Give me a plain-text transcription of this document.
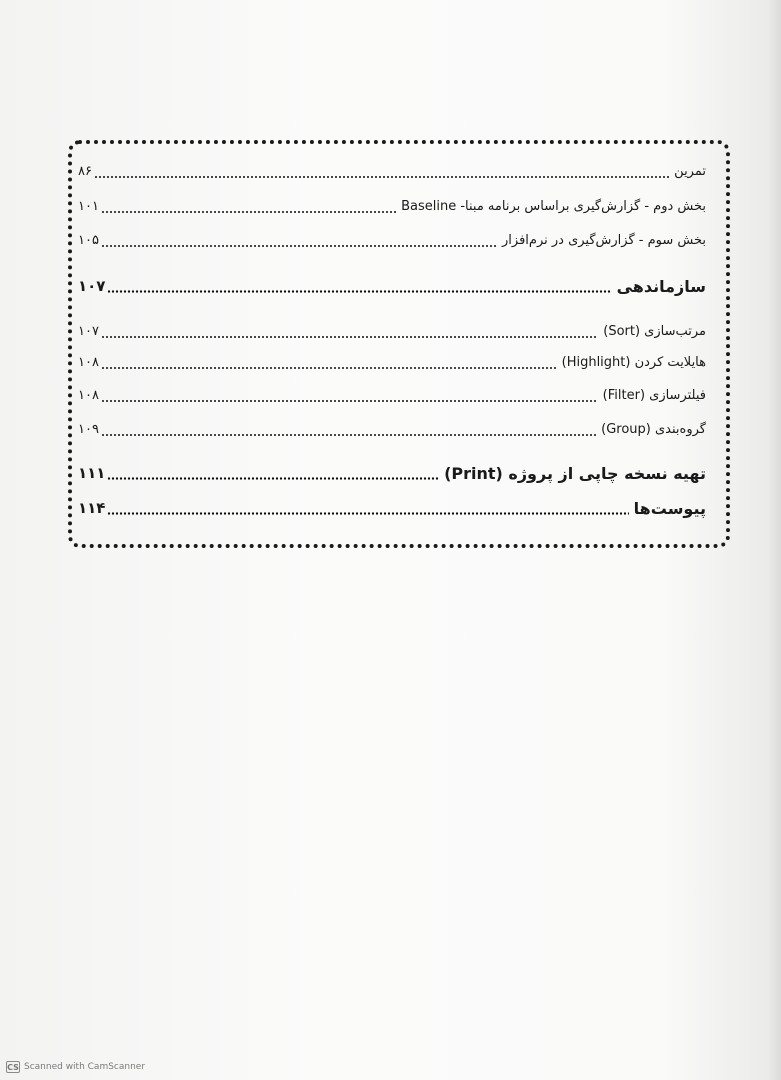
تمرین
۸۶
بخش دوم - گزارش‌گیری براساس برنامه مبنا- Baseline
۱۰۱
بخش سوم - گزارش‌گیری در نرم‌افزار
۱۰۵
سازماندهی
۱۰۷
مرتب‌سازی (Sort)
۱۰۷
هایلایت کردن (Highlight)
۱۰۸
فیلترسازی (Filter)
۱۰۸
گروه‌بندی (Group)
۱۰۹
تهیه نسخه چاپی از پروژه (Print)
۱۱۱
پیوست‌ها
۱۱۴
CS Scanned with CamScanner
